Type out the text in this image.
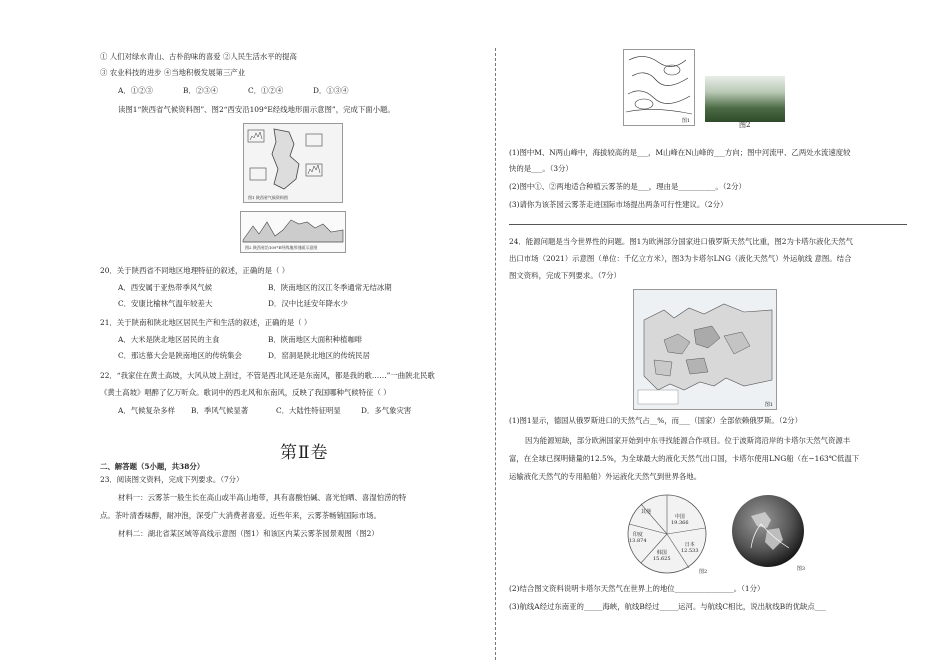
① 人们对绿水青山、古朴韵味的喜爱 ②人民生活水平的提高
③ 农业科技的进步 ④当地积极发展第三产业
A．①②③	B．②③④	C．①②④	D．①③④
读图1“陕西省气候资料图”、图2“西安沿109°E经线地形面示意图”，完成下面小题。
图1 陕西省气候资料图
图2 陕西省沿109°E经线地形剖面示意图
20．关于陕西省不同地区地理特征的叙述，正确的是（ ）
A．西安属于亚热带季风气候	B．陕南地区的汉江冬季通常无结冰期
C．安康比榆林气温年较差大	D．汉中比延安年降水少
21．关于陕南和陕北地区居民生产和生活的叙述，正确的是（ ）
A．大米是陕北地区居民的主食	B．陕南地区大面积种植咖啡
C．那达慕大会是陕南地区的传统集会	D．窑洞是陕北地区的传统民居
22．“我家住在黄土高坡，大风从坡上刮过，不管是西北风还是东南风，都是我的歌……”一曲陕北民歌
《黄土高坡》唱醉了亿万听众。歌词中的西北风和东南风，反映了我国哪种气候特征（ ）
A．气候复杂多样 B．季风气候显著	C．大陆性特征明显	D．多气象灾害
第Ⅱ卷
二、解答题（5小题，共38分）
23．阅读图文资料，完成下列要求。（7分）
材料一：云雾茶一般生长在高山或半高山地带，具有喜酸怕碱、喜光怕晒、喜湿怕涝的特
点。茶叶清香味醇，耐冲泡，深受广大消费者喜爱。近些年来，云雾茶畅销国际市场。
材料二：湖北省某区域等高线示意图（图1）和该区内某云雾茶园景观图（图2）
图1	图2
(1)图中M、N两山峰中，海拔较高的是___，M山峰在N山峰的___方向；图中河流甲、乙两处水流速度较
快的是___。（3分）
(2)图中①、②两地适合种植云雾茶的是___，理由是__________。（2分）
(3)请你为该茶园云雾茶走进国际市场提出两条可行性建议。（2分）
24．能源问题是当今世界性的问题。图1为欧洲部分国家进口俄罗斯天然气比重，图2为卡塔尔液化天然气
出口市场（2021）示意图（单位：千亿立方米），图3为卡塔尔LNG（液化天然气）外运航线 意图。结合
图文资料，完成下列要求。（7分）
图1
(1)图1显示，德国从俄罗斯进口的天然气占__%，而___（国家）全部依赖俄罗斯。（2分）
因为能源短缺，部分欧洲国家开始到中东寻找能源合作项目。位于波斯湾沿岸的卡塔尔天然气资源丰
富，在全球已探明储量的12.5%，为全球最大的液化天然气出口国，卡塔尔使用LNG船（在−163℃低温下
运输液化天然气的专用船舶）外运液化天然气到世界各地。
中国
19.366
印度
13.874
日本
12.533
韩国
15.625
其他
图2	图3
(2)结合图文资料说明卡塔尔天然气在世界上的地位________________。（1分）
(3)航线A经过东南亚的_____海峡，航线B经过_____运河。与航线C相比，说出航线B的优缺点___
